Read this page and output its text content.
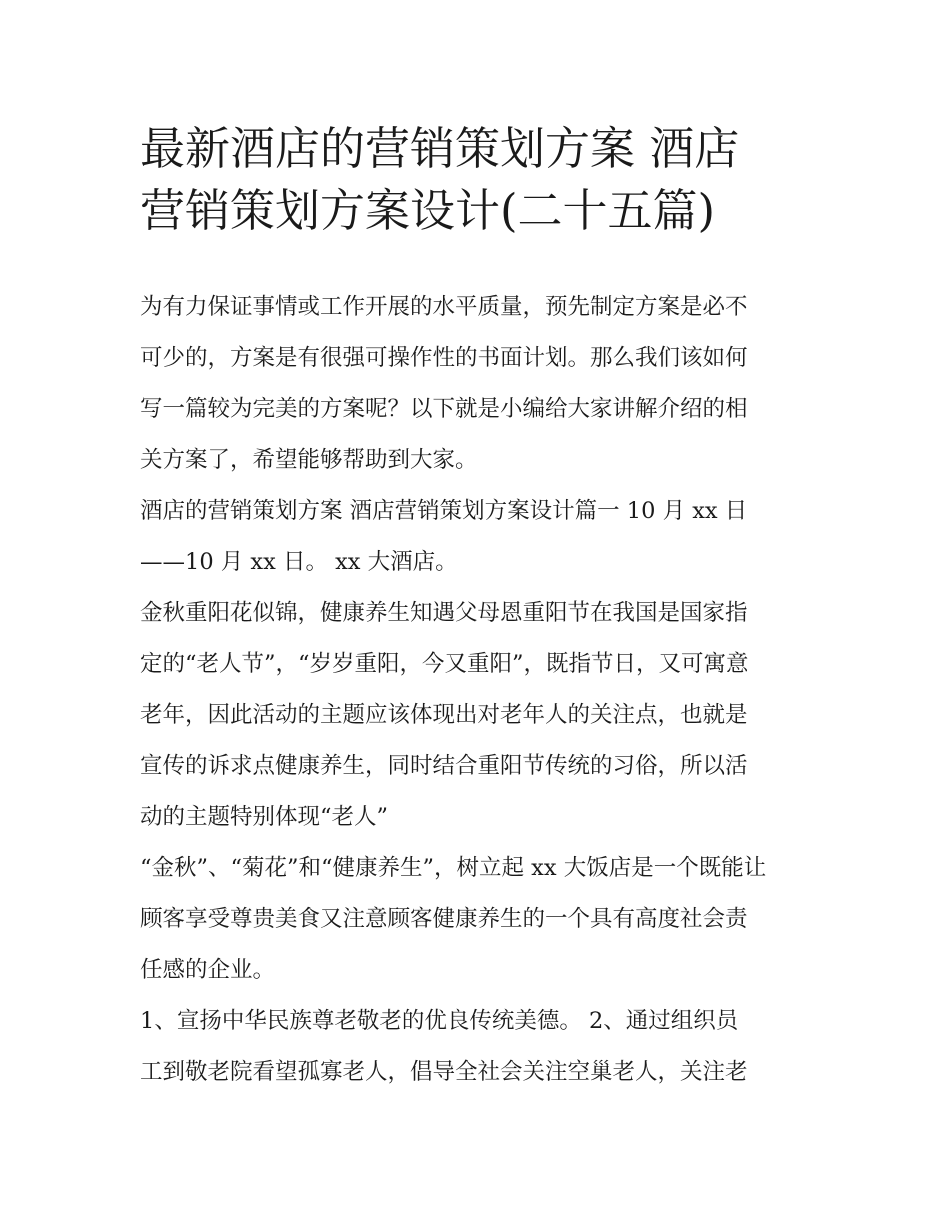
最新酒店的营销策划方案 酒店
营销策划方案设计(二十五篇)
为有力保证事情或工作开展的水平质量，预先制定方案是必不
可少的，方案是有很强可操作性的书面计划。那么我们该如何
写一篇较为完美的方案呢？以下就是小编给大家讲解介绍的相
关方案了，希望能够帮助到大家。
酒店的营销策划方案 酒店营销策划方案设计篇一 10 月 xx 日
——10 月 xx 日。 xx 大酒店。
金秋重阳花似锦，健康养生知遇父母恩重阳节在我国是国家指
定的“老人节”，“岁岁重阳，今又重阳”，既指节日，又可寓意
老年，因此活动的主题应该体现出对老年人的关注点，也就是
宣传的诉求点健康养生，同时结合重阳节传统的习俗，所以活
动的主题特别体现“老人”
“金秋”、“菊花”和“健康养生”，树立起 xx 大饭店是一个既能让
顾客享受尊贵美食又注意顾客健康养生的一个具有高度社会责
任感的企业。
1、宣扬中华民族尊老敬老的优良传统美德。 2、通过组织员
工到敬老院看望孤寡老人，倡导全社会关注空巢老人，关注老
